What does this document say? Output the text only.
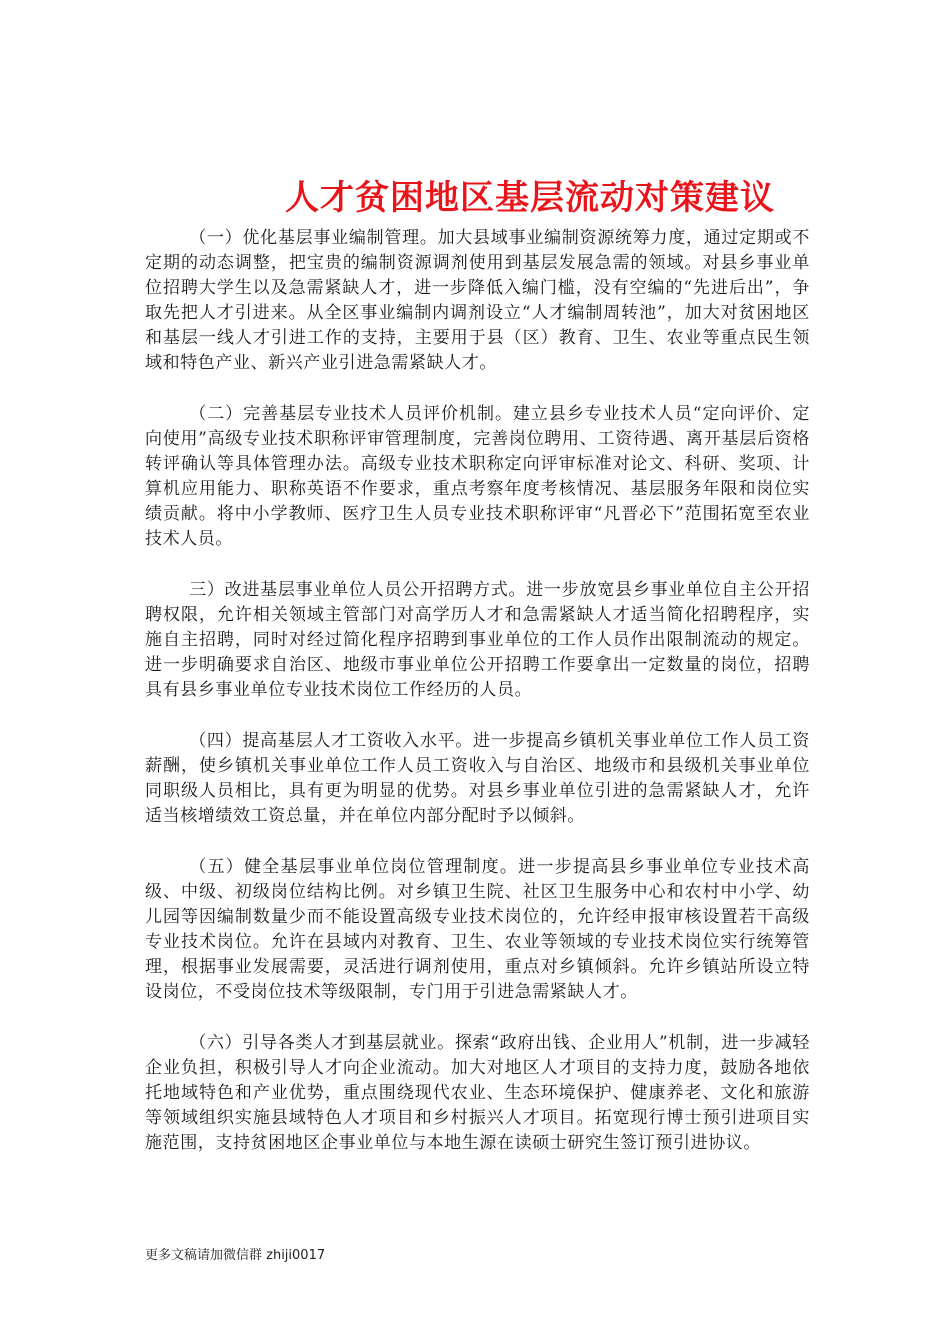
人才贫困地区基层流动对策建议

（一）优化基层事业编制管理。加大县域事业编制资源统筹力度，通过定期或不定期的动态调整，把宝贵的编制资源调剂使用到基层发展急需的领域。对县乡事业单位招聘大学生以及急需紧缺人才，进一步降低入编门槛，没有空编的“先进后出”，争取先把人才引进来。从全区事业编制内调剂设立“人才编制周转池”，加大对贫困地区和基层一线人才引进工作的支持，主要用于县（区）教育、卫生、农业等重点民生领域和特色产业、新兴产业引进急需紧缺人才。

（二）完善基层专业技术人员评价机制。建立县乡专业技术人员“定向评价、定向使用”高级专业技术职称评审管理制度，完善岗位聘用、工资待遇、离开基层后资格转评确认等具体管理办法。高级专业技术职称定向评审标准对论文、科研、奖项、计算机应用能力、职称英语不作要求，重点考察年度考核情况、基层服务年限和岗位实绩贡献。将中小学教师、医疗卫生人员专业技术职称评审“凡晋必下”范围拓宽至农业技术人员。

三）改进基层事业单位人员公开招聘方式。进一步放宽县乡事业单位自主公开招聘权限，允许相关领域主管部门对高学历人才和急需紧缺人才适当简化招聘程序，实施自主招聘，同时对经过简化程序招聘到事业单位的工作人员作出限制流动的规定。进一步明确要求自治区、地级市事业单位公开招聘工作要拿出一定数量的岗位，招聘具有县乡事业单位专业技术岗位工作经历的人员。

（四）提高基层人才工资收入水平。进一步提高乡镇机关事业单位工作人员工资薪酬，使乡镇机关事业单位工作人员工资收入与自治区、地级市和县级机关事业单位同职级人员相比，具有更为明显的优势。对县乡事业单位引进的急需紧缺人才，允许适当核增绩效工资总量，并在单位内部分配时予以倾斜。

（五）健全基层事业单位岗位管理制度。进一步提高县乡事业单位专业技术高级、中级、初级岗位结构比例。对乡镇卫生院、社区卫生服务中心和农村中小学、幼儿园等因编制数量少而不能设置高级专业技术岗位的，允许经申报审核设置若干高级专业技术岗位。允许在县域内对教育、卫生、农业等领域的专业技术岗位实行统筹管理，根据事业发展需要，灵活进行调剂使用，重点对乡镇倾斜。允许乡镇站所设立特设岗位，不受岗位技术等级限制，专门用于引进急需紧缺人才。

（六）引导各类人才到基层就业。探索“政府出钱、企业用人”机制，进一步减轻企业负担，积极引导人才向企业流动。加大对地区人才项目的支持力度，鼓励各地依托地域特色和产业优势，重点围绕现代农业、生态环境保护、健康养老、文化和旅游等领域组织实施县域特色人才项目和乡村振兴人才项目。拓宽现行博士预引进项目实施范围，支持贫困地区企事业单位与本地生源在读硕士研究生签订预引进协议。

更多文稿请加微信群 zhiji0017
